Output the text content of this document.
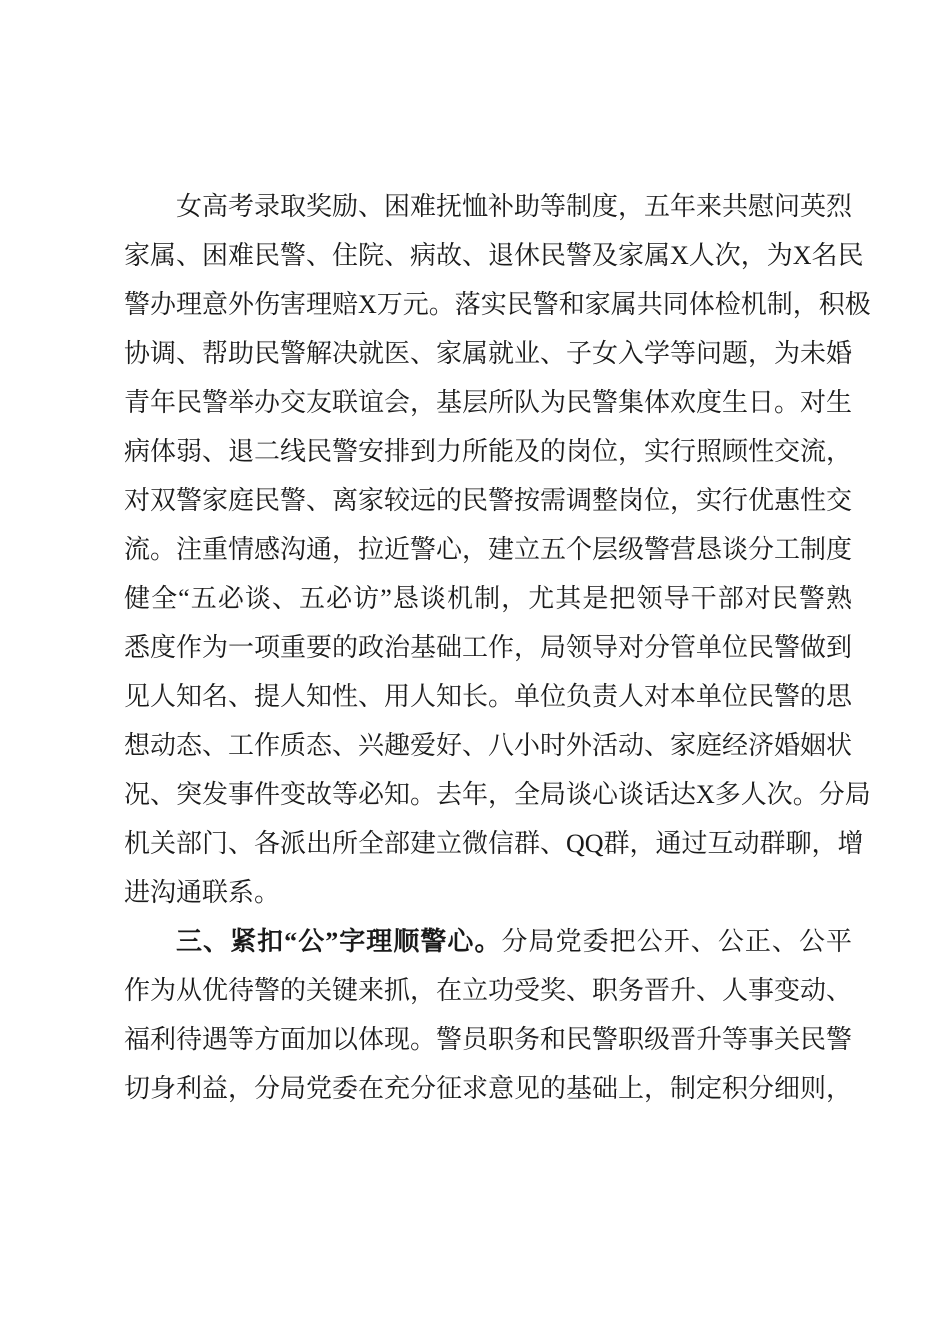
女高考录取奖励、困难抚恤补助等制度，五年来共慰问英烈
家属、困难民警、住院、病故、退休民警及家属X人次，为X名民
警办理意外伤害理赔X万元。落实民警和家属共同体检机制，积极
协调、帮助民警解决就医、家属就业、子女入学等问题，为未婚
青年民警举办交友联谊会，基层所队为民警集体欢度生日。对生
病体弱、退二线民警安排到力所能及的岗位，实行照顾性交流，
对双警家庭民警、离家较远的民警按需调整岗位，实行优惠性交
流。注重情感沟通，拉近警心，建立五个层级警营恳谈分工制度
健全“五必谈、五必访”恳谈机制，尤其是把领导干部对民警熟
悉度作为一项重要的政治基础工作，局领导对分管单位民警做到
见人知名、提人知性、用人知长。单位负责人对本单位民警的思
想动态、工作质态、兴趣爱好、八小时外活动、家庭经济婚姻状
况、突发事件变故等必知。去年，全局谈心谈话达X多人次。分局
机关部门、各派出所全部建立微信群、QQ群，通过互动群聊，增
进沟通联系。
三、紧扣“公”字理顺警心。分局党委把公开、公正、公平
作为从优待警的关键来抓，在立功受奖、职务晋升、人事变动、
福利待遇等方面加以体现。警员职务和民警职级晋升等事关民警
切身利益，分局党委在充分征求意见的基础上，制定积分细则，
